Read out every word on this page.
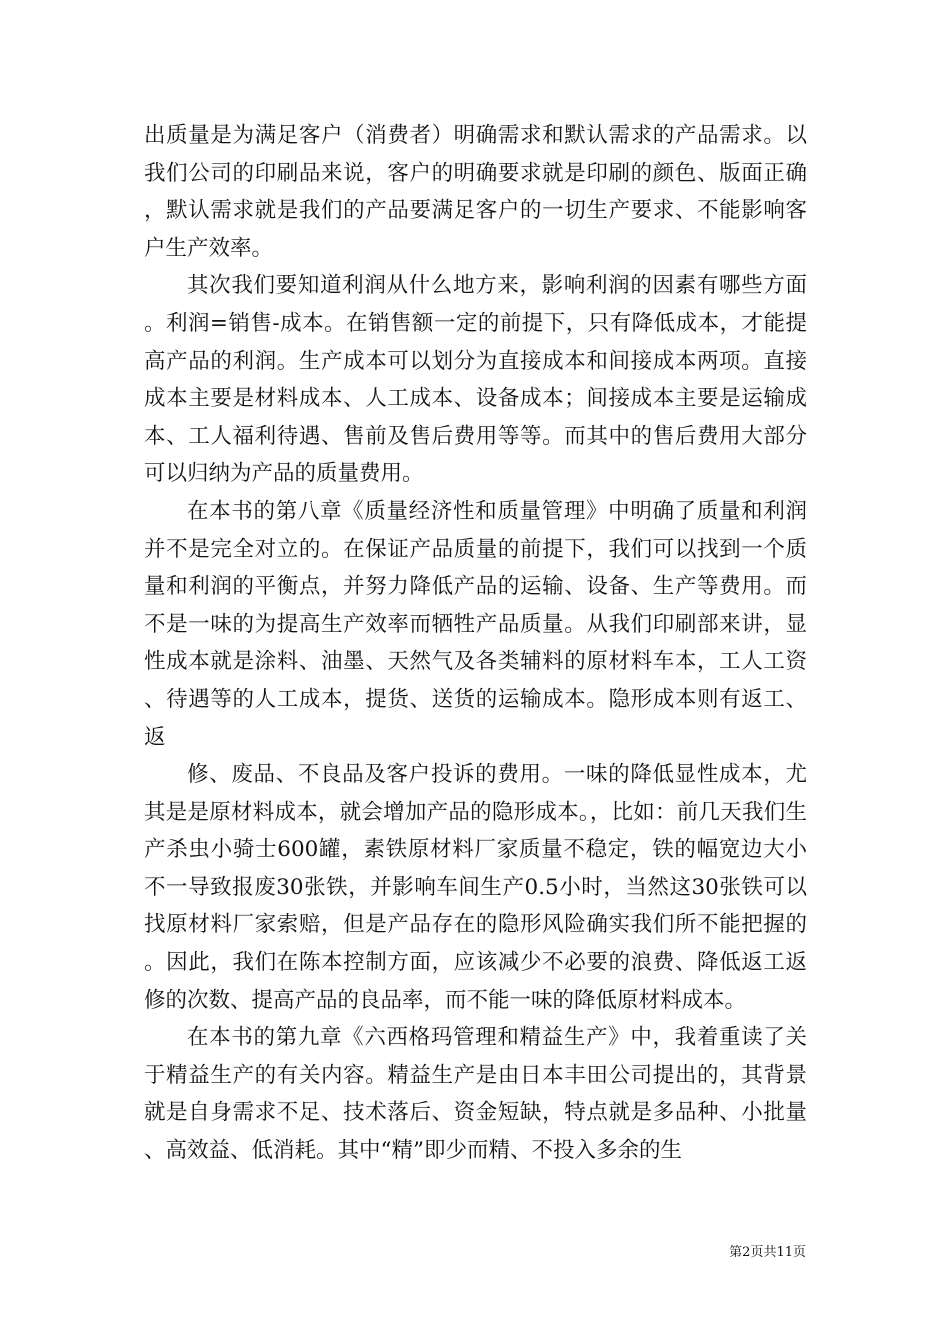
出质量是为满足客户（消费者）明确需求和默认需求的产品需求。以我们公司的印刷品来说，客户的明确要求就是印刷的颜色、版面正确，默认需求就是我们的产品要满足客户的一切生产要求、不能影响客户生产效率。

其次我们要知道利润从什么地方来，影响利润的因素有哪些方面。利润=销售-成本。在销售额一定的前提下，只有降低成本，才能提高产品的利润。生产成本可以划分为直接成本和间接成本两项。直接成本主要是材料成本、人工成本、设备成本；间接成本主要是运输成本、工人福利待遇、售前及售后费用等等。而其中的售后费用大部分可以归纳为产品的质量费用。

在本书的第八章《质量经济性和质量管理》中明确了质量和利润并不是完全对立的。在保证产品质量的前提下，我们可以找到一个质量和利润的平衡点，并努力降低产品的运输、设备、生产等费用。而不是一味的为提高生产效率而牺牲产品质量。从我们印刷部来讲，显性成本就是涂料、油墨、天然气及各类辅料的原材料车本，工人工资、待遇等的人工成本，提货、送货的运输成本。隐形成本则有返工、返

修、废品、不良品及客户投诉的费用。一味的降低显性成本，尤其是是原材料成本，就会增加产品的隐形成本。，比如：前几天我们生产杀虫小骑士600罐，素铁原材料厂家质量不稳定，铁的幅宽边大小不一导致报废30张铁，并影响车间生产0.5小时，当然这30张铁可以找原材料厂家索赔，但是产品存在的隐形风险确实我们所不能把握的。因此，我们在陈本控制方面，应该减少不必要的浪费、降低返工返修的次数、提高产品的良品率，而不能一味的降低原材料成本。

在本书的第九章《六西格玛管理和精益生产》中，我着重读了关于精益生产的有关内容。精益生产是由日本丰田公司提出的，其背景就是自身需求不足、技术落后、资金短缺，特点就是多品种、小批量、高效益、低消耗。其中“精”即少而精、不投入多余的生

第2页共11页
